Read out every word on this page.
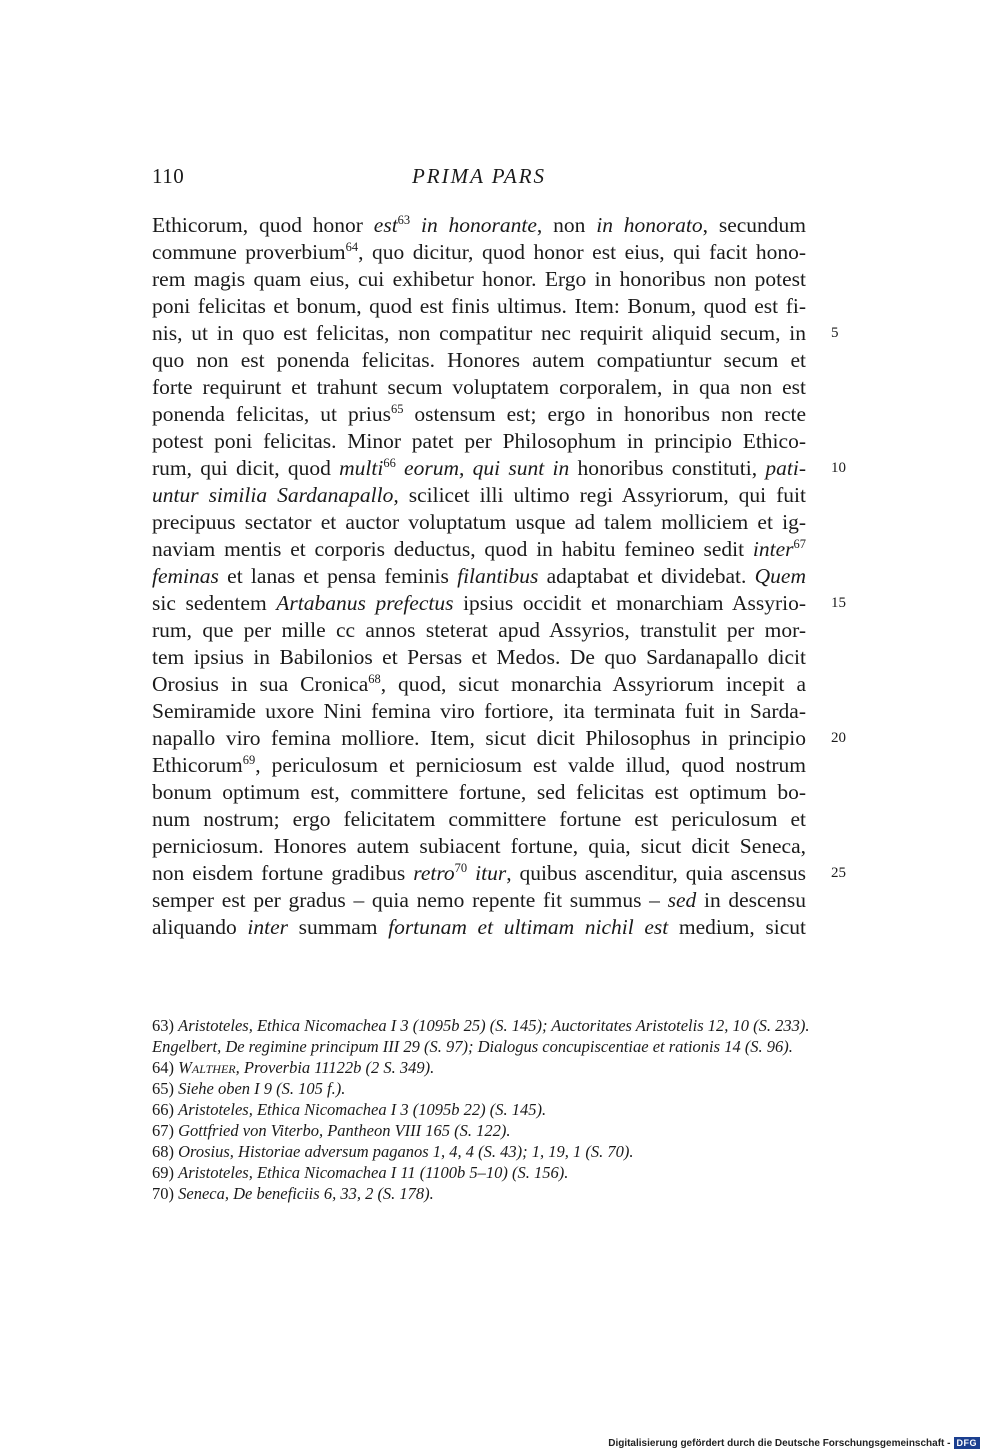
110	PRIMA PARS
Ethicorum, quod honor est$^{63}$ in honorante, non in honorato, secundum
commune proverbium$^{64}$, quo dicitur, quod honor est eius, qui facit hono-
rem magis quam eius, cui exhibetur honor. Ergo in honoribus non potest
poni felicitas et bonum, quod est finis ultimus. Item: Bonum, quod est fi-
nis, ut in quo est felicitas, non compatitur nec requirit aliquid secum, in 5
quo non est ponenda felicitas. Honores autem compatiuntur secum et
forte requirunt et trahunt secum voluptatem corporalem, in qua non est
ponenda felicitas, ut prius$^{65}$ ostensum est; ergo in honoribus non recte
potest poni felicitas. Minor patet per Philosophum in principio Ethico-
rum, qui dicit, quod multi$^{66}$ eorum, qui sunt in honoribus constituti, pati- 10
untur similia Sardanapallo, scilicet illi ultimo regi Assyriorum, qui fuit
precipuus sectator et auctor voluptatum usque ad talem molliciem et ig-
naviam mentis et corporis deductus, quod in habitu femineo sedit inter$^{67}$
feminas et lanas et pensa feminis filantibus adaptabat et dividebat. Quem
sic sedentem Artabanus prefectus ipsius occidit et monarchiam Assyrio- 15
rum, que per mille cc annos steterat apud Assyrios, transtulit per mor-
tem ipsius in Babilonios et Persas et Medos. De quo Sardanapallo dicit
Orosius in sua Cronica$^{68}$, quod, sicut monarchia Assyriorum incepit a
Semiramide uxore Nini femina viro fortiore, ita terminata fuit in Sarda-
napallo viro femina molliore. Item, sicut dicit Philosophus in principio 20
Ethicorum$^{69}$, periculosum et perniciosum est valde illud, quod nostrum
bonum optimum est, committere fortune, sed felicitas est optimum bo-
num nostrum; ergo felicitatem committere fortune est periculosum et
perniciosum. Honores autem subiacent fortune, quia, sicut dicit Seneca,
non eisdem fortune gradibus retro$^{70}$ itur, quibus ascenditur, quia ascensus 25
semper est per gradus – quia nemo repente fit summus – sed in descensu
aliquando inter summam fortunam et ultimam nichil est medium, sicut

63) Aristoteles, Ethica Nicomachea I 3 (1095b 25) (S. 145); Auctoritates Aristotelis 12, 10 (S. 233). Engelbert, De regimine principum III 29 (S. 97); Dialogus concupiscentiae et rationis 14 (S. 96).

64) Walther, Proverbia 11122b (2 S. 349).

65) Siehe oben I 9 (S. 105 f.).

66) Aristoteles, Ethica Nicomachea I 3 (1095b 22) (S. 145).

67) Gottfried von Viterbo, Pantheon VIII 165 (S. 122).

68) Orosius, Historiae adversum paganos 1, 4, 4 (S. 43); 1, 19, 1 (S. 70).

69) Aristoteles, Ethica Nicomachea I 11 (1100b 5–10) (S. 156).

70) Seneca, De beneficiis 6, 33, 2 (S. 178).

Digitalisierung gefördert durch die Deutsche Forschungsgemeinschaft - DFG
